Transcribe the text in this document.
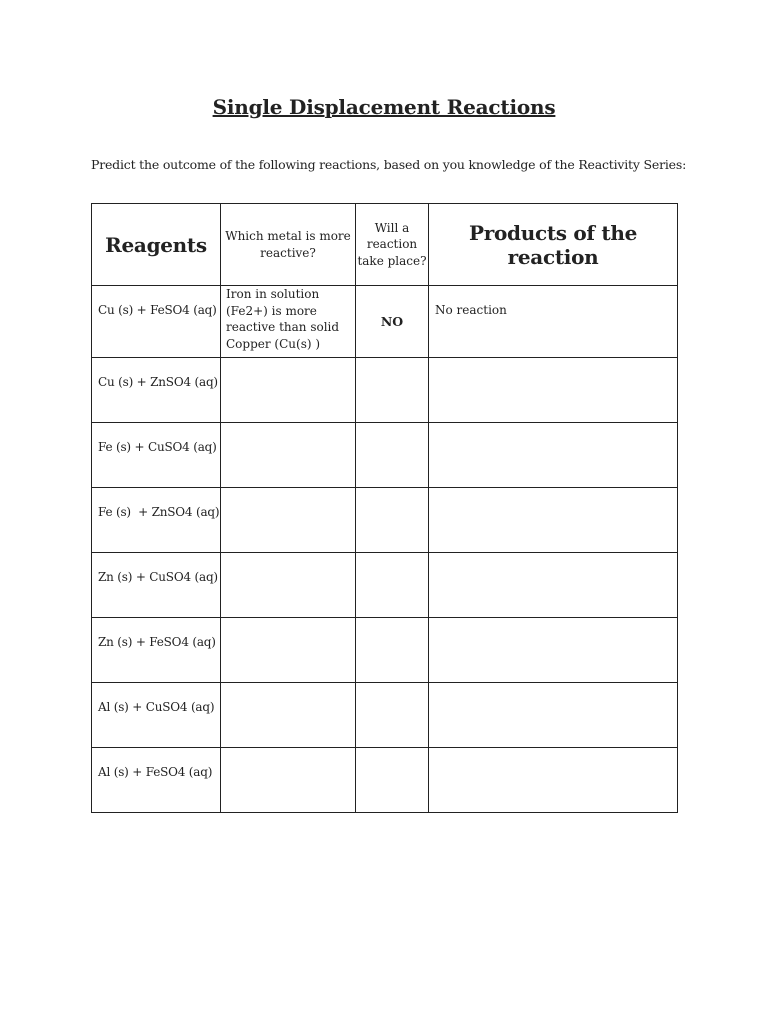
Single Displacement Reactions
Predict the outcome of the following reactions, based on you knowledge of the Reactivity Series:
Reagents	Which metal is more reactive?	Will a reaction take place?	Products of the reaction
Cu (s) + FeSO4 (aq)	Iron in solution (Fe2+) is more reactive than solid Copper (Cu(s) )	NO	No reaction
Cu (s) + ZnSO4 (aq)			
Fe (s) + CuSO4 (aq)			
Fe (s)  + ZnSO4 (aq)			
Zn (s) + CuSO4 (aq)			
Zn (s) + FeSO4 (aq)			
Al (s) + CuSO4 (aq)			
Al (s) + FeSO4 (aq)			
